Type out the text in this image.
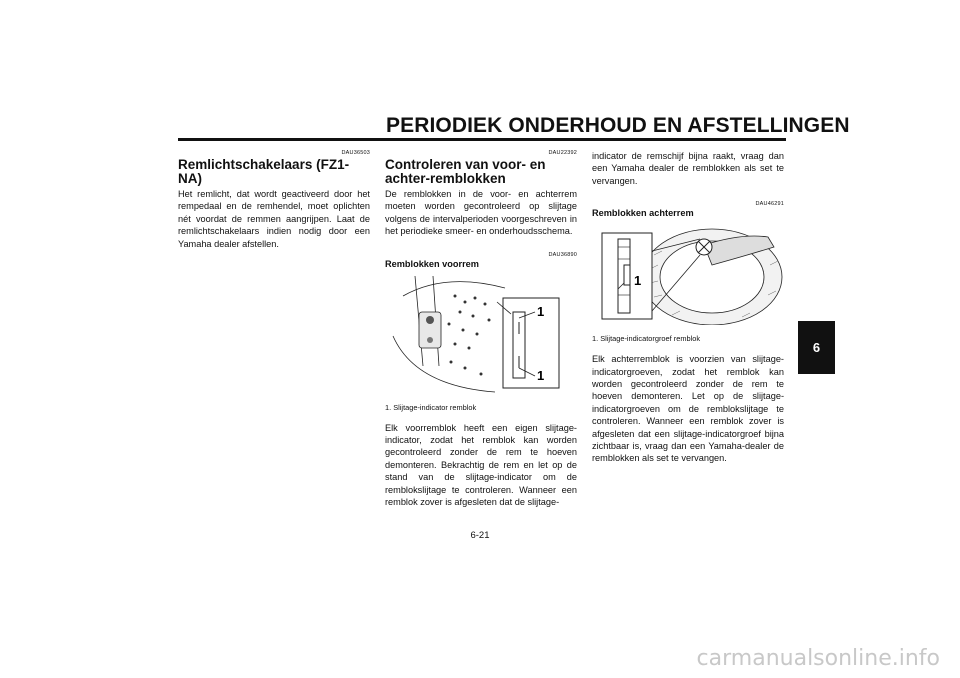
PERIODIEK ONDERHOUD EN AFSTELLINGEN
6
DAU36503
Remlichtschakelaars (FZ1-NA)

Het remlicht, dat wordt geactiveerd door het rempedaal en de remhendel, moet oplichten nét voordat de remmen aangrijpen. Laat de remlichtschakelaars indien nodig door een Yamaha dealer afstellen.

DAU22392
Controleren van voor- en achter-remblokken

De remblokken in de voor- en achterrem moeten worden gecontroleerd op slijtage volgens de intervalperioden voorgeschreven in het periodieke smeer- en onderhoudsschema.

DAU36890
Remblokken voorrem
1
1
1. Slijtage-indicator remblok

Elk voorremblok heeft een eigen slijtage-indicator, zodat het remblok kan worden gecontroleerd zonder de rem te hoeven demonteren. Bekrachtig de rem en let op de stand van de slijtage-indicator om de remblokslijtage te controleren. Wanneer een remblok zover is afgesleten dat de slijtage-

indicator de remschijf bijna raakt, vraag dan een Yamaha dealer de remblokken als set te vervangen.

DAU46291
Remblokken achterrem
1
1. Slijtage-indicatorgroef remblok

Elk achterremblok is voorzien van slijtage-indicatorgroeven, zodat het remblok kan worden gecontroleerd zonder de rem te hoeven demonteren. Let op de slijtage-indicatorgroeven om de remblokslijtage te controleren. Wanneer een remblok zover is afgesleten dat een slijtage-indicatorgroef bijna zichtbaar is, vraag dan een Yamaha-dealer de remblokken als set te vervangen.

6-21
carmanualsonline.info
